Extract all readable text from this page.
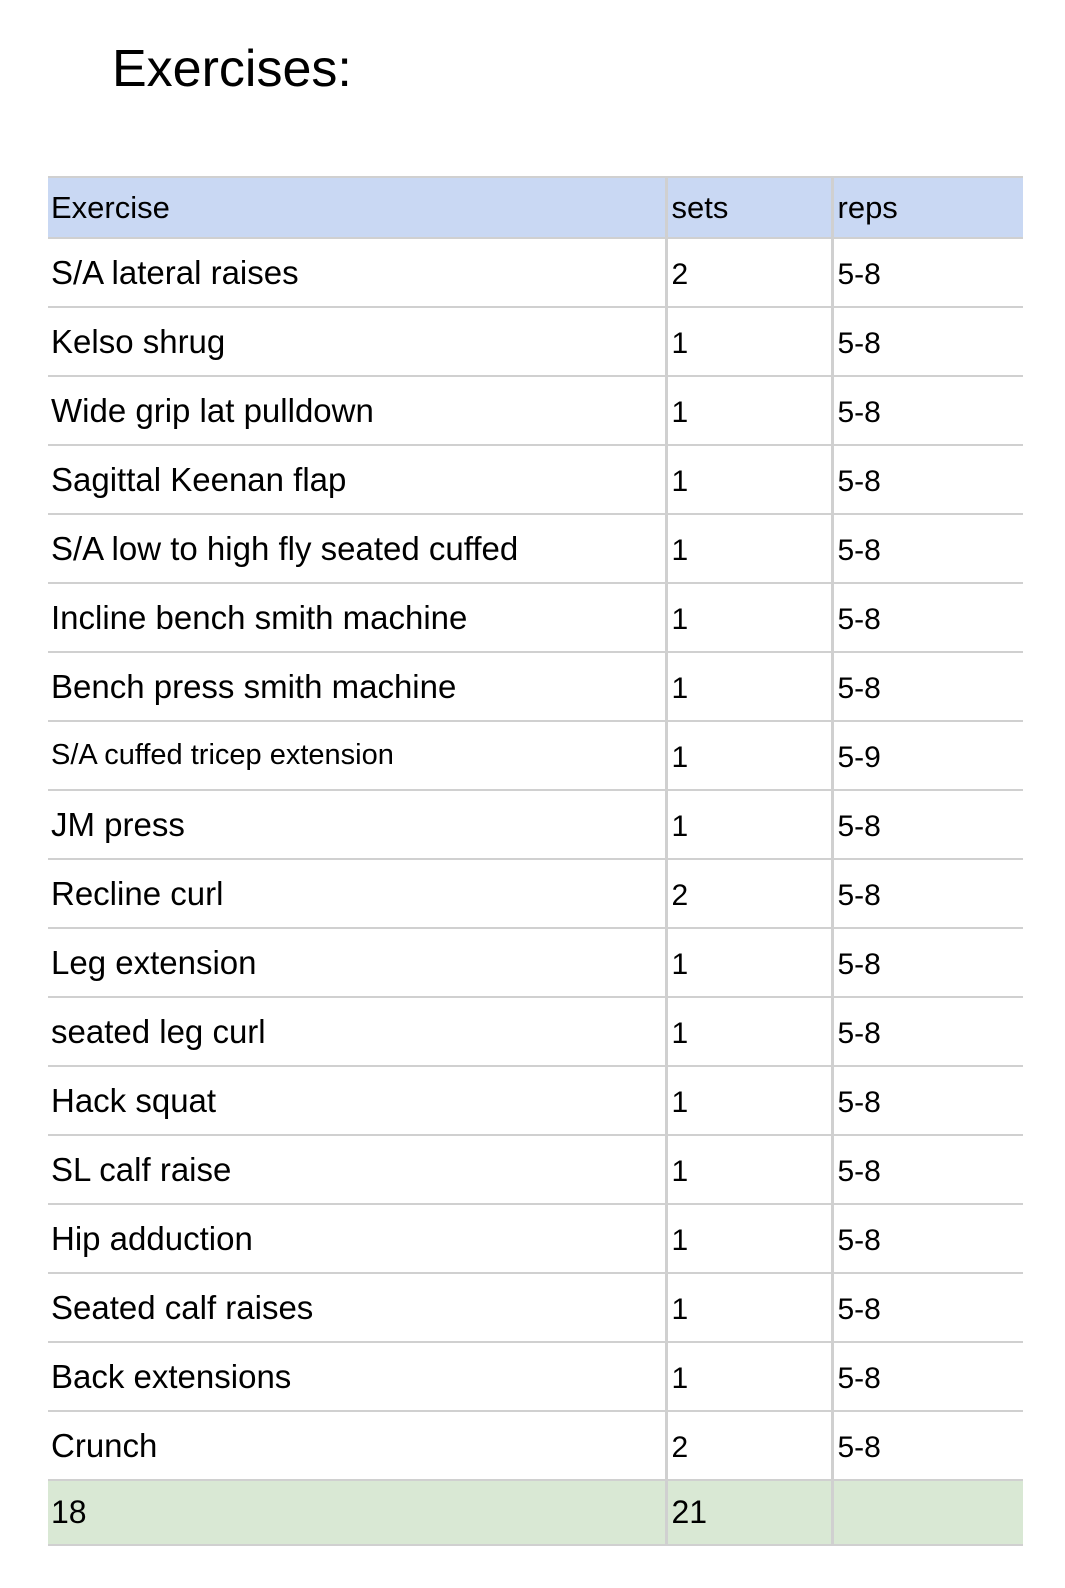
Exercises:
Exercise	sets	reps
S/A lateral raises	2	5-8
Kelso shrug	1	5-8
Wide grip lat pulldown	1	5-8
Sagittal Keenan flap	1	5-8
S/A low to high fly seated cuffed	1	5-8
Incline bench smith machine	1	5-8
Bench press smith machine	1	5-8
S/A cuffed tricep extension	1	5-9
JM press	1	5-8
Recline curl	2	5-8
Leg extension	1	5-8
seated leg curl	1	5-8
Hack squat	1	5-8
SL calf raise	1	5-8
Hip adduction	1	5-8
Seated calf raises	1	5-8
Back extensions	1	5-8
Crunch	2	5-8
18	21	
